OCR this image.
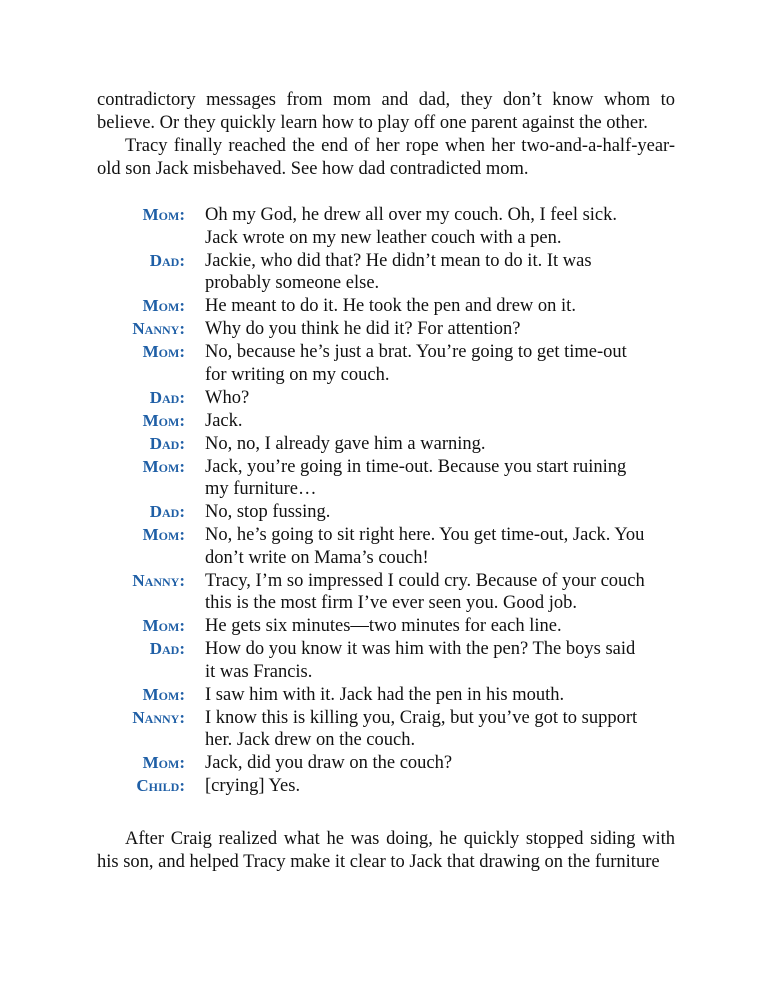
contradictory messages from mom and dad, they don’t know whom to believe. Or they quickly learn how to play off one parent against the other.

Tracy finally reached the end of her rope when her two-and-a-half-year-old son Jack misbehaved. See how dad contradicted mom.

Mom:	Oh my God, he drew all over my couch. Oh, I feel sick. Jack wrote on my new leather couch with a pen.
Dad:	Jackie, who did that? He didn’t mean to do it. It was probably someone else.
Mom:	He meant to do it. He took the pen and drew on it.
Nanny:	Why do you think he did it? For attention?
Mom:	No, because he’s just a brat. You’re going to get time-out for writing on my couch.
Dad:	Who?
Mom:	Jack.
Dad:	No, no, I already gave him a warning.
Mom:	Jack, you’re going in time-out. Because you start ruining my furniture…
Dad:	No, stop fussing.
Mom:	No, he’s going to sit right here. You get time-out, Jack. You don’t write on Mama’s couch!
Nanny:	Tracy, I’m so impressed I could cry. Because of your couch this is the most firm I’ve ever seen you. Good job.
Mom:	He gets six minutes—two minutes for each line.
Dad:	How do you know it was him with the pen? The boys said it was Francis.
Mom:	I saw him with it. Jack had the pen in his mouth.
Nanny:	I know this is killing you, Craig, but you’ve got to support her. Jack drew on the couch.
Mom:	Jack, did you draw on the couch?
Child:	[crying] Yes.

After Craig realized what he was doing, he quickly stopped siding with his son, and helped Tracy make it clear to Jack that drawing on the furniture
